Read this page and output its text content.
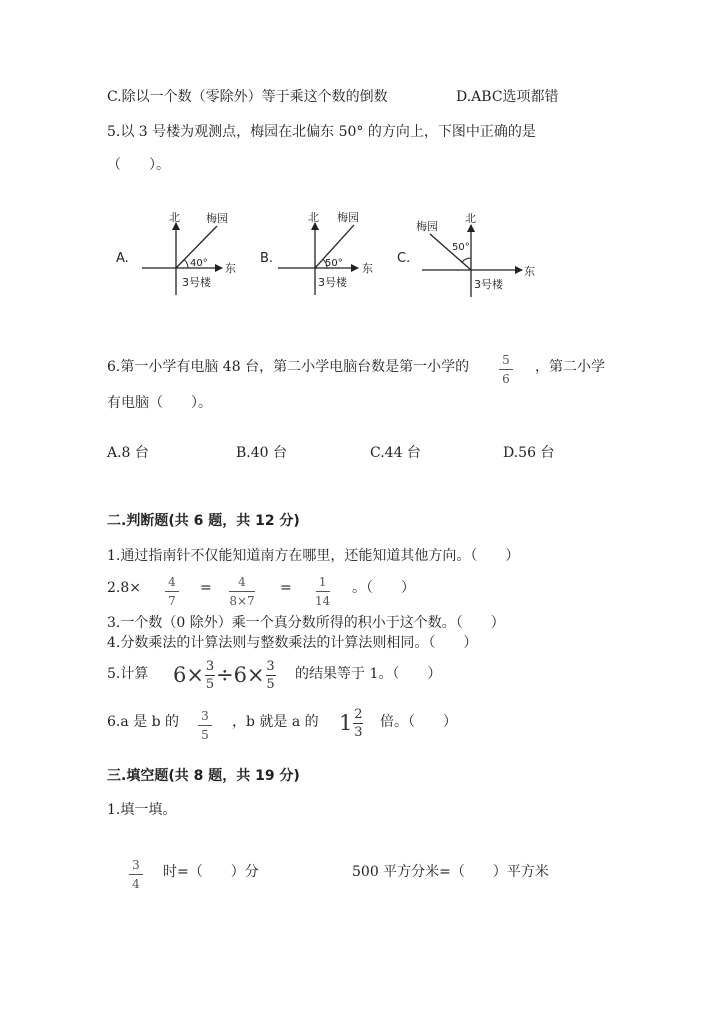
C.除以一个数（零除外）等于乘这个数的倒数	D.ABC选项都错
5.以 3 号楼为观测点，梅园在北偏东 50° 的方向上，下图中正确的是
（　　）。
A.
北 梅园
40° 东
3号楼
B.
北 梅园
50° 东
3号楼
C.
北
梅园
50°
东
3号楼
6.第一小学有电脑 48 台，第二小学电脑台数是第一小学的	5
6
，第二小学
有电脑（　　）。
A.8 台	B.40 台	C.44 台	D.56 台
二.判断题(共 6 题，共 12 分)
1.通过指南针不仅能知道南方在哪里，还能知道其他方向。（　　）
2.8× 4
7
= 4
8×7
= 1
14
。（　　）
3.一个数（0 除外）乘一个真分数所得的积小于这个数。（　　）
4.分数乘法的计算法则与整数乘法的计算法则相同。（　　）
5.计算 6× 3
5 ÷6× 3
5
的结果等于 1。（　　）
6.a 是 b 的 3
5
，b 就是 a 的 1 2
3
倍。（　　）
三.填空题(共 8 题，共 19 分)
1.填一填。
3
4
时=（　　）分	500 平方分米=（　　）平方米
